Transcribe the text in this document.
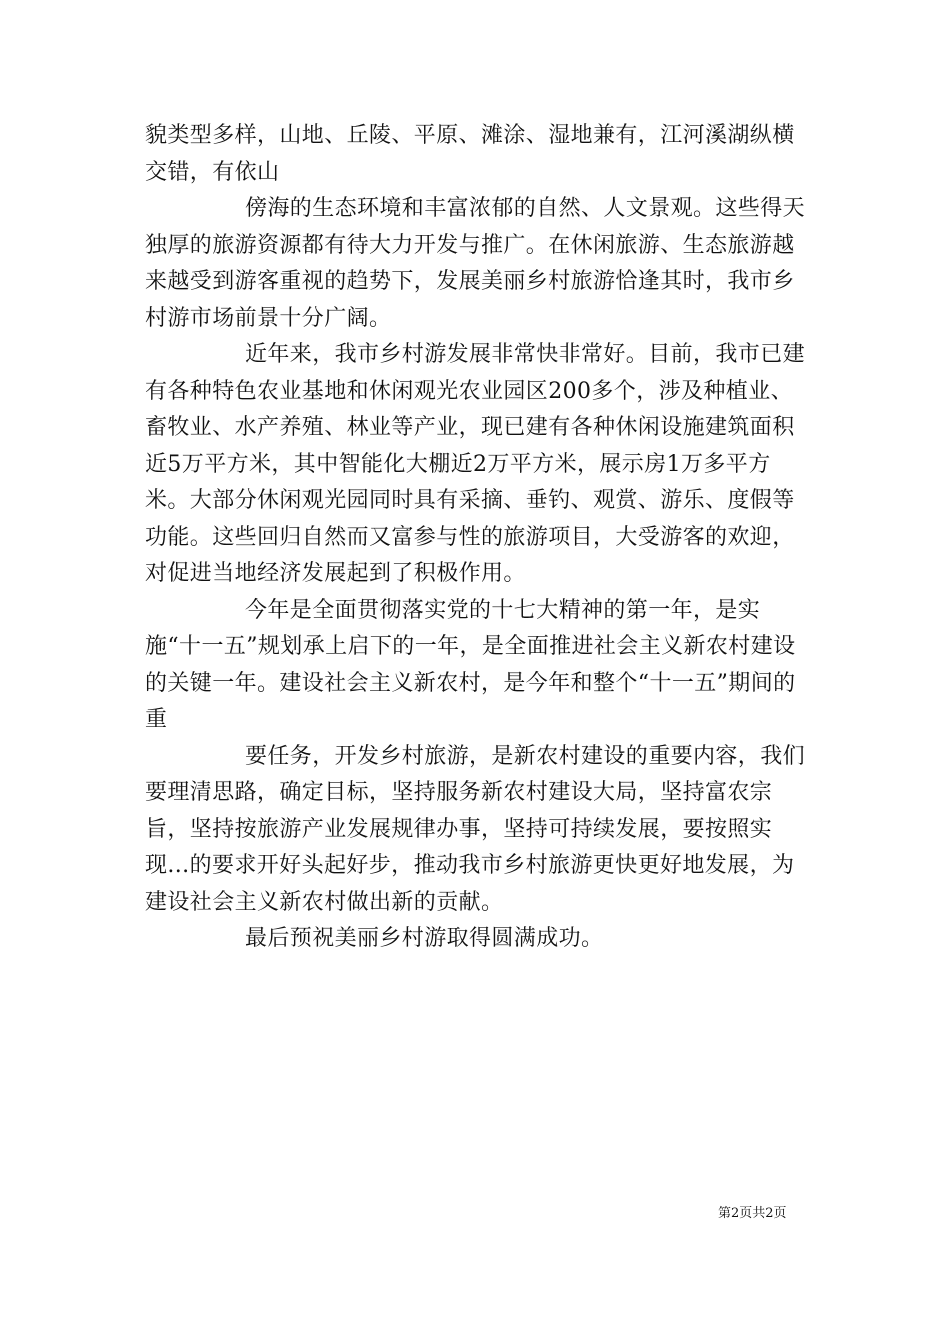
貌类型多样，山地、丘陵、平原、滩涂、湿地兼有，江河溪湖纵横交错，有依山

傍海的生态环境和丰富浓郁的自然、人文景观。这些得天独厚的旅游资源都有待大力开发与推广。在休闲旅游、生态旅游越来越受到游客重视的趋势下，发展美丽乡村旅游恰逢其时，我市乡村游市场前景十分广阔。

近年来，我市乡村游发展非常快非常好。目前，我市已建有各种特色农业基地和休闲观光农业园区200多个，涉及种植业、畜牧业、水产养殖、林业等产业，现已建有各种休闲设施建筑面积近5万平方米，其中智能化大棚近2万平方米，展示房1万多平方米。大部分休闲观光园同时具有采摘、垂钓、观赏、游乐、度假等功能。这些回归自然而又富参与性的旅游项目，大受游客的欢迎，对促进当地经济发展起到了积极作用。

今年是全面贯彻落实党的十七大精神的第一年，是实施“十一五”规划承上启下的一年，是全面推进社会主义新农村建设的关键一年。建设社会主义新农村，是今年和整个“十一五”期间的重

要任务，开发乡村旅游，是新农村建设的重要内容，我们要理清思路，确定目标，坚持服务新农村建设大局，坚持富农宗旨，坚持按旅游产业发展规律办事，坚持可持续发展，要按照实现...的要求开好头起好步，推动我市乡村旅游更快更好地发展，为建设社会主义新农村做出新的贡献。

最后预祝美丽乡村游取得圆满成功。

第2页共2页
